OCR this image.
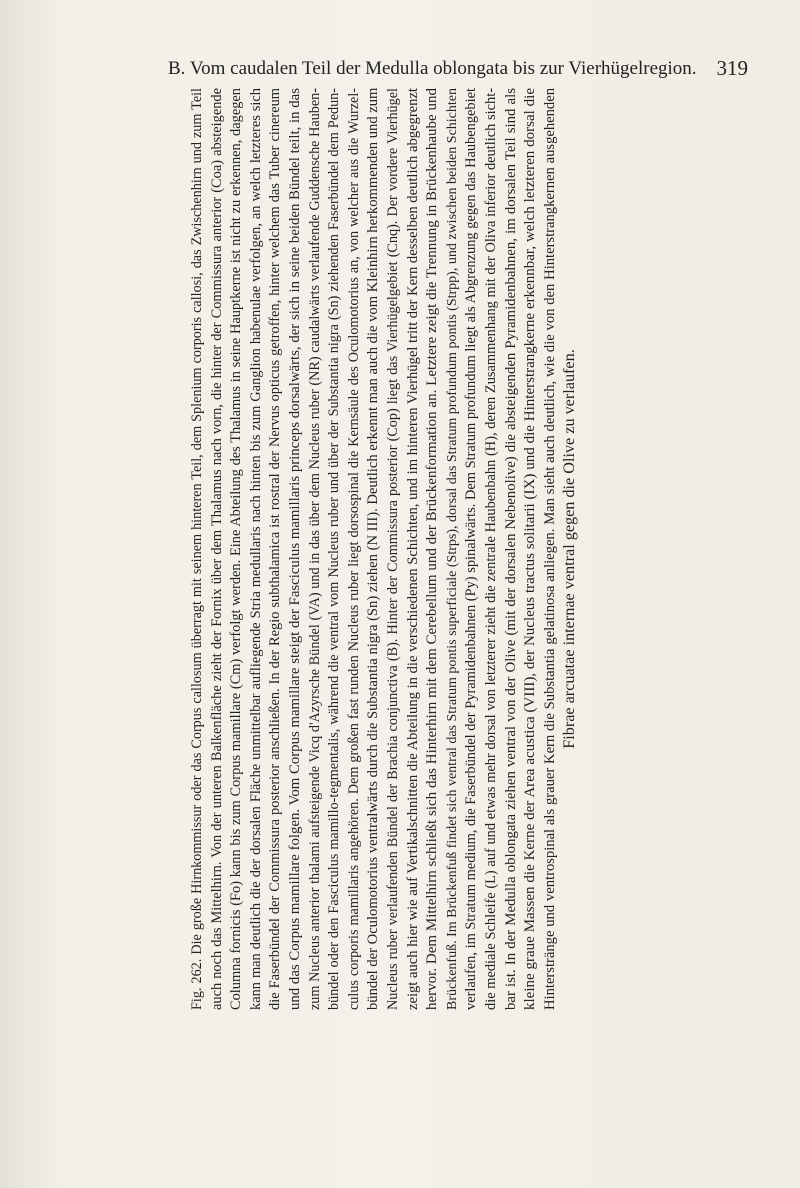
B. Vom caudalen Teil der Medulla oblongata bis zur Vierhügelregion. 319
Fig. 262. Die große Hirnkommissur oder das Corpus callosum überragt mit seinem hinteren Teil, dem Splenium corporis callosi, das Zwischenhirn und zum Teil auch noch das Mittelhirn. Von der unteren Balkenfläche zieht der Fornix über dem Thalamus nach vorn, die hinter der Commissura anterior (Coa) absteigende Columna fornicis (Fo) kann bis zum Corpus mamillare (Cm) verfolgt werden. Eine Abteilung des Thalamus in seine Hauptkerne ist nicht zu erkennen, dagegen kann man deutlich die der dorsalen Fläche unmittelbar aufliegende Stria medullaris nach hinten bis zum Ganglion habenulae verfolgen, an welch letzteres sich die Faserbündel der Commissura posterior anschließen. In der Regio subthalamica ist rostral der Nervus opticus getroffen, hinter welchem das Tuber cinereum und das Corpus mamillare folgen. Vom Corpus mamillare steigt der Fasciculus mamillaris princeps dorsalwärts, der sich in seine beiden Bündel teilt, in das zum Nucleus anterior thalami aufsteigende Vicq d'Azyrsche Bündel (VA) und in das über dem Nucleus ruber (NR) caudalwärts verlaufende Guddensche Hauben- bündel oder den Fasciculus mamillo-tegmentalis, während die ventral vom Nucleus ruber und über der Substantia nigra (Sn) ziehenden Faserbündel dem Pedun- culus corporis mamillaris angehören. Dem großen fast runden Nucleus ruber liegt dorsospinal die Kernsäule des Oculomotorius an, von welcher aus die Wurzel- bündel der Oculomotorius ventralwärts durch die Substantia nigra (Sn) ziehen (N III). Deutlich erkennt man auch die vom Kleinhirn herkommenden und zum Nucleus ruber verlaufenden Bündel der Brachia conjunctiva (B). Hinter der Commissura posterior (Cop) liegt das Vierhügelgebiet (Cnq). Der vordere Vierhügel zeigt auch hier wie auf Vertikalschnitten die Abteilung in die verschiedenen Schichten, und im hinteren Vierhügel tritt der Kern desselben deutlich abgegrenzt hervor. Dem Mittelhirn schließt sich das Hinterhirn mit dem Cerebellum und der Brückenformation an. Letztere zeigt die Trennung in Brückenhaube und Brückenfuß. Im Brückenfuß findet sich ventral das Stratum pontis superficiale (Strps), dorsal das Stratum profundum pontis (Strpp), und zwischen beiden Schichten verlaufen, im Stratum medium, die Faserbündel der Pyramidenbahnen (Py) spinalwärts. Dem Stratum profundum liegt als Abgrenzung gegen das Haubengebiet die mediale Schleife (L) auf und etwas mehr dorsal von letzterer zieht die zentrale Haubenbahn (H), deren Zusammenhang mit der Oliva inferior deutlich sicht- bar ist. In der Medulla oblongata ziehen ventral von der Olive (mit der dorsalen Nebenolive) die absteigenden Pyramidenbahnen, im dorsalen Teil sind als kleine graue Massen die Kerne der Area acustica (VIII), der Nucleus tractus solitarii (IX) und die Hinterstrangkerne erkennbar, welch letzteren dorsal die Hinterstränge und ventrospinal als grauer Kern die Substantia gelatinosa anliegen. Man sieht auch deutlich, wie die von den Hinterstrangkernen ausgehenden Fibrae arcuatae internae ventral gegen die Olive zu verlaufen.
